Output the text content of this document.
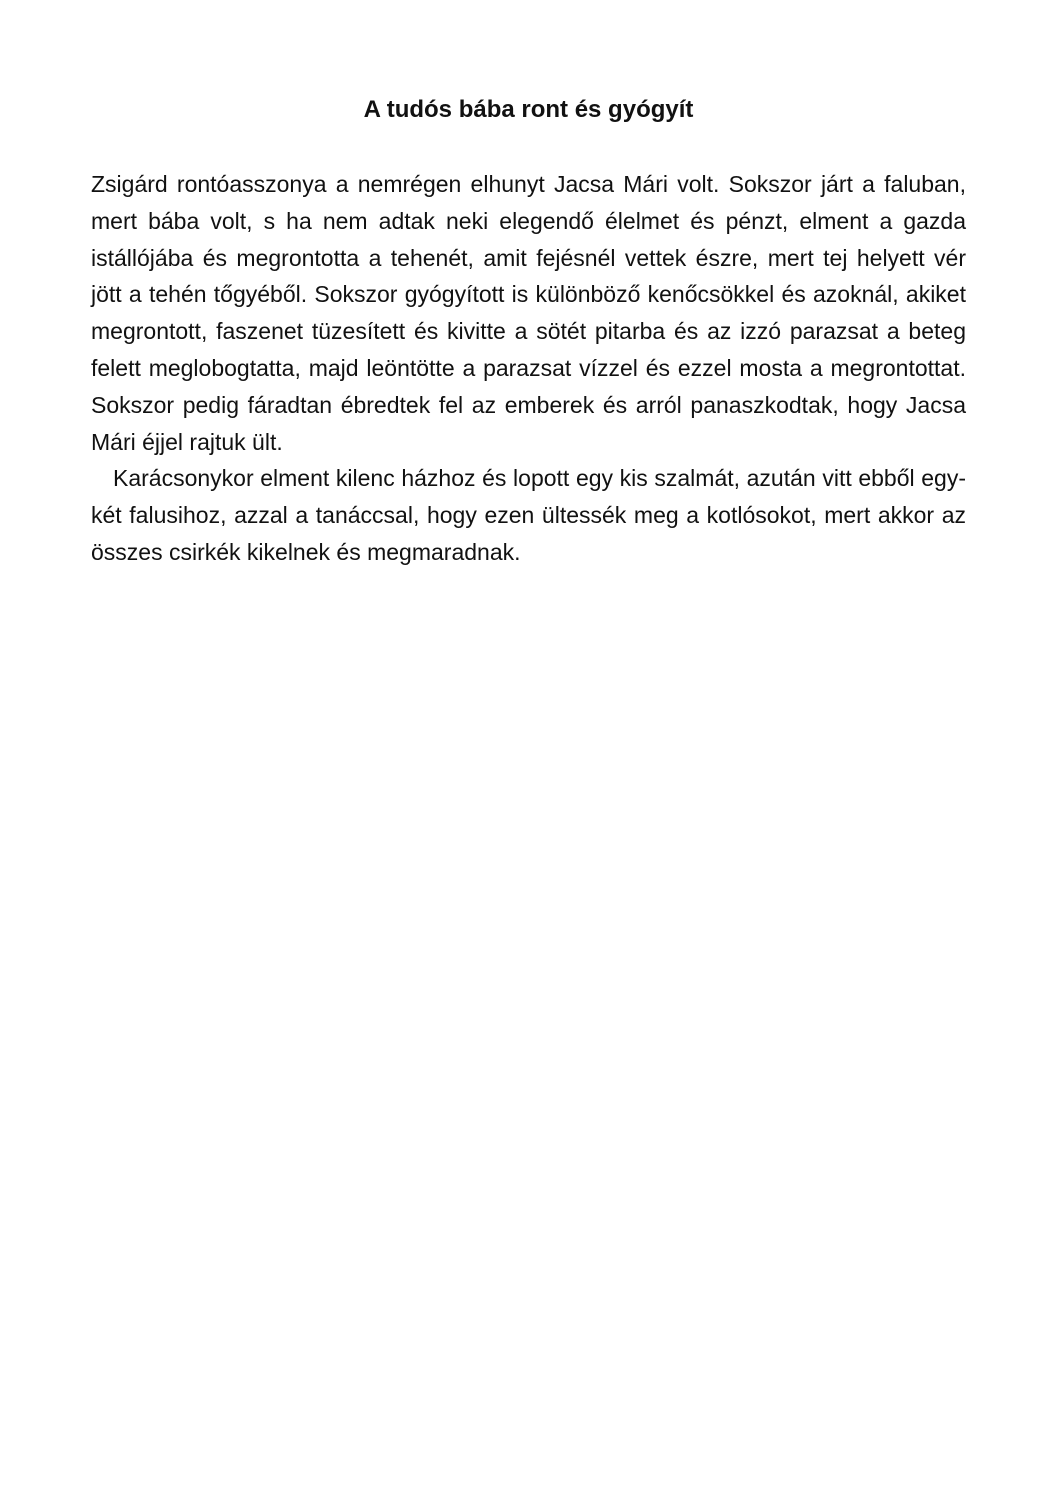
A tudós bába ront és gyógyít

Zsigárd rontóasszonya a nemrégen elhunyt Jacsa Mári volt. Sokszor járt a faluban, mert bába volt, s ha nem adtak neki elegendő élelmet és pénzt, elment a gazda istállójába és megrontotta a tehenét, amit fejésnél vettek észre, mert tej helyett vér jött a tehén tőgyéből. Sokszor gyógyított is különböző kenőcsökkel és azoknál, akiket megrontott, faszenet tüzesített és kivitte a sötét pitarba és az izzó parazsat a beteg felett meglobogtatta, majd leöntötte a parazsat vízzel és ezzel mosta a megrontottat. Sokszor pedig fáradtan ébredtek fel az emberek és arról panaszkodtak, hogy Jacsa Mári éjjel rajtuk ült.

Karácsonykor elment kilenc házhoz és lopott egy kis szalmát, azután vitt ebből egy-két falusihoz, azzal a tanáccsal, hogy ezen ültessék meg a kotlósokot, mert akkor az összes csirkék kikelnek és megmaradnak.
